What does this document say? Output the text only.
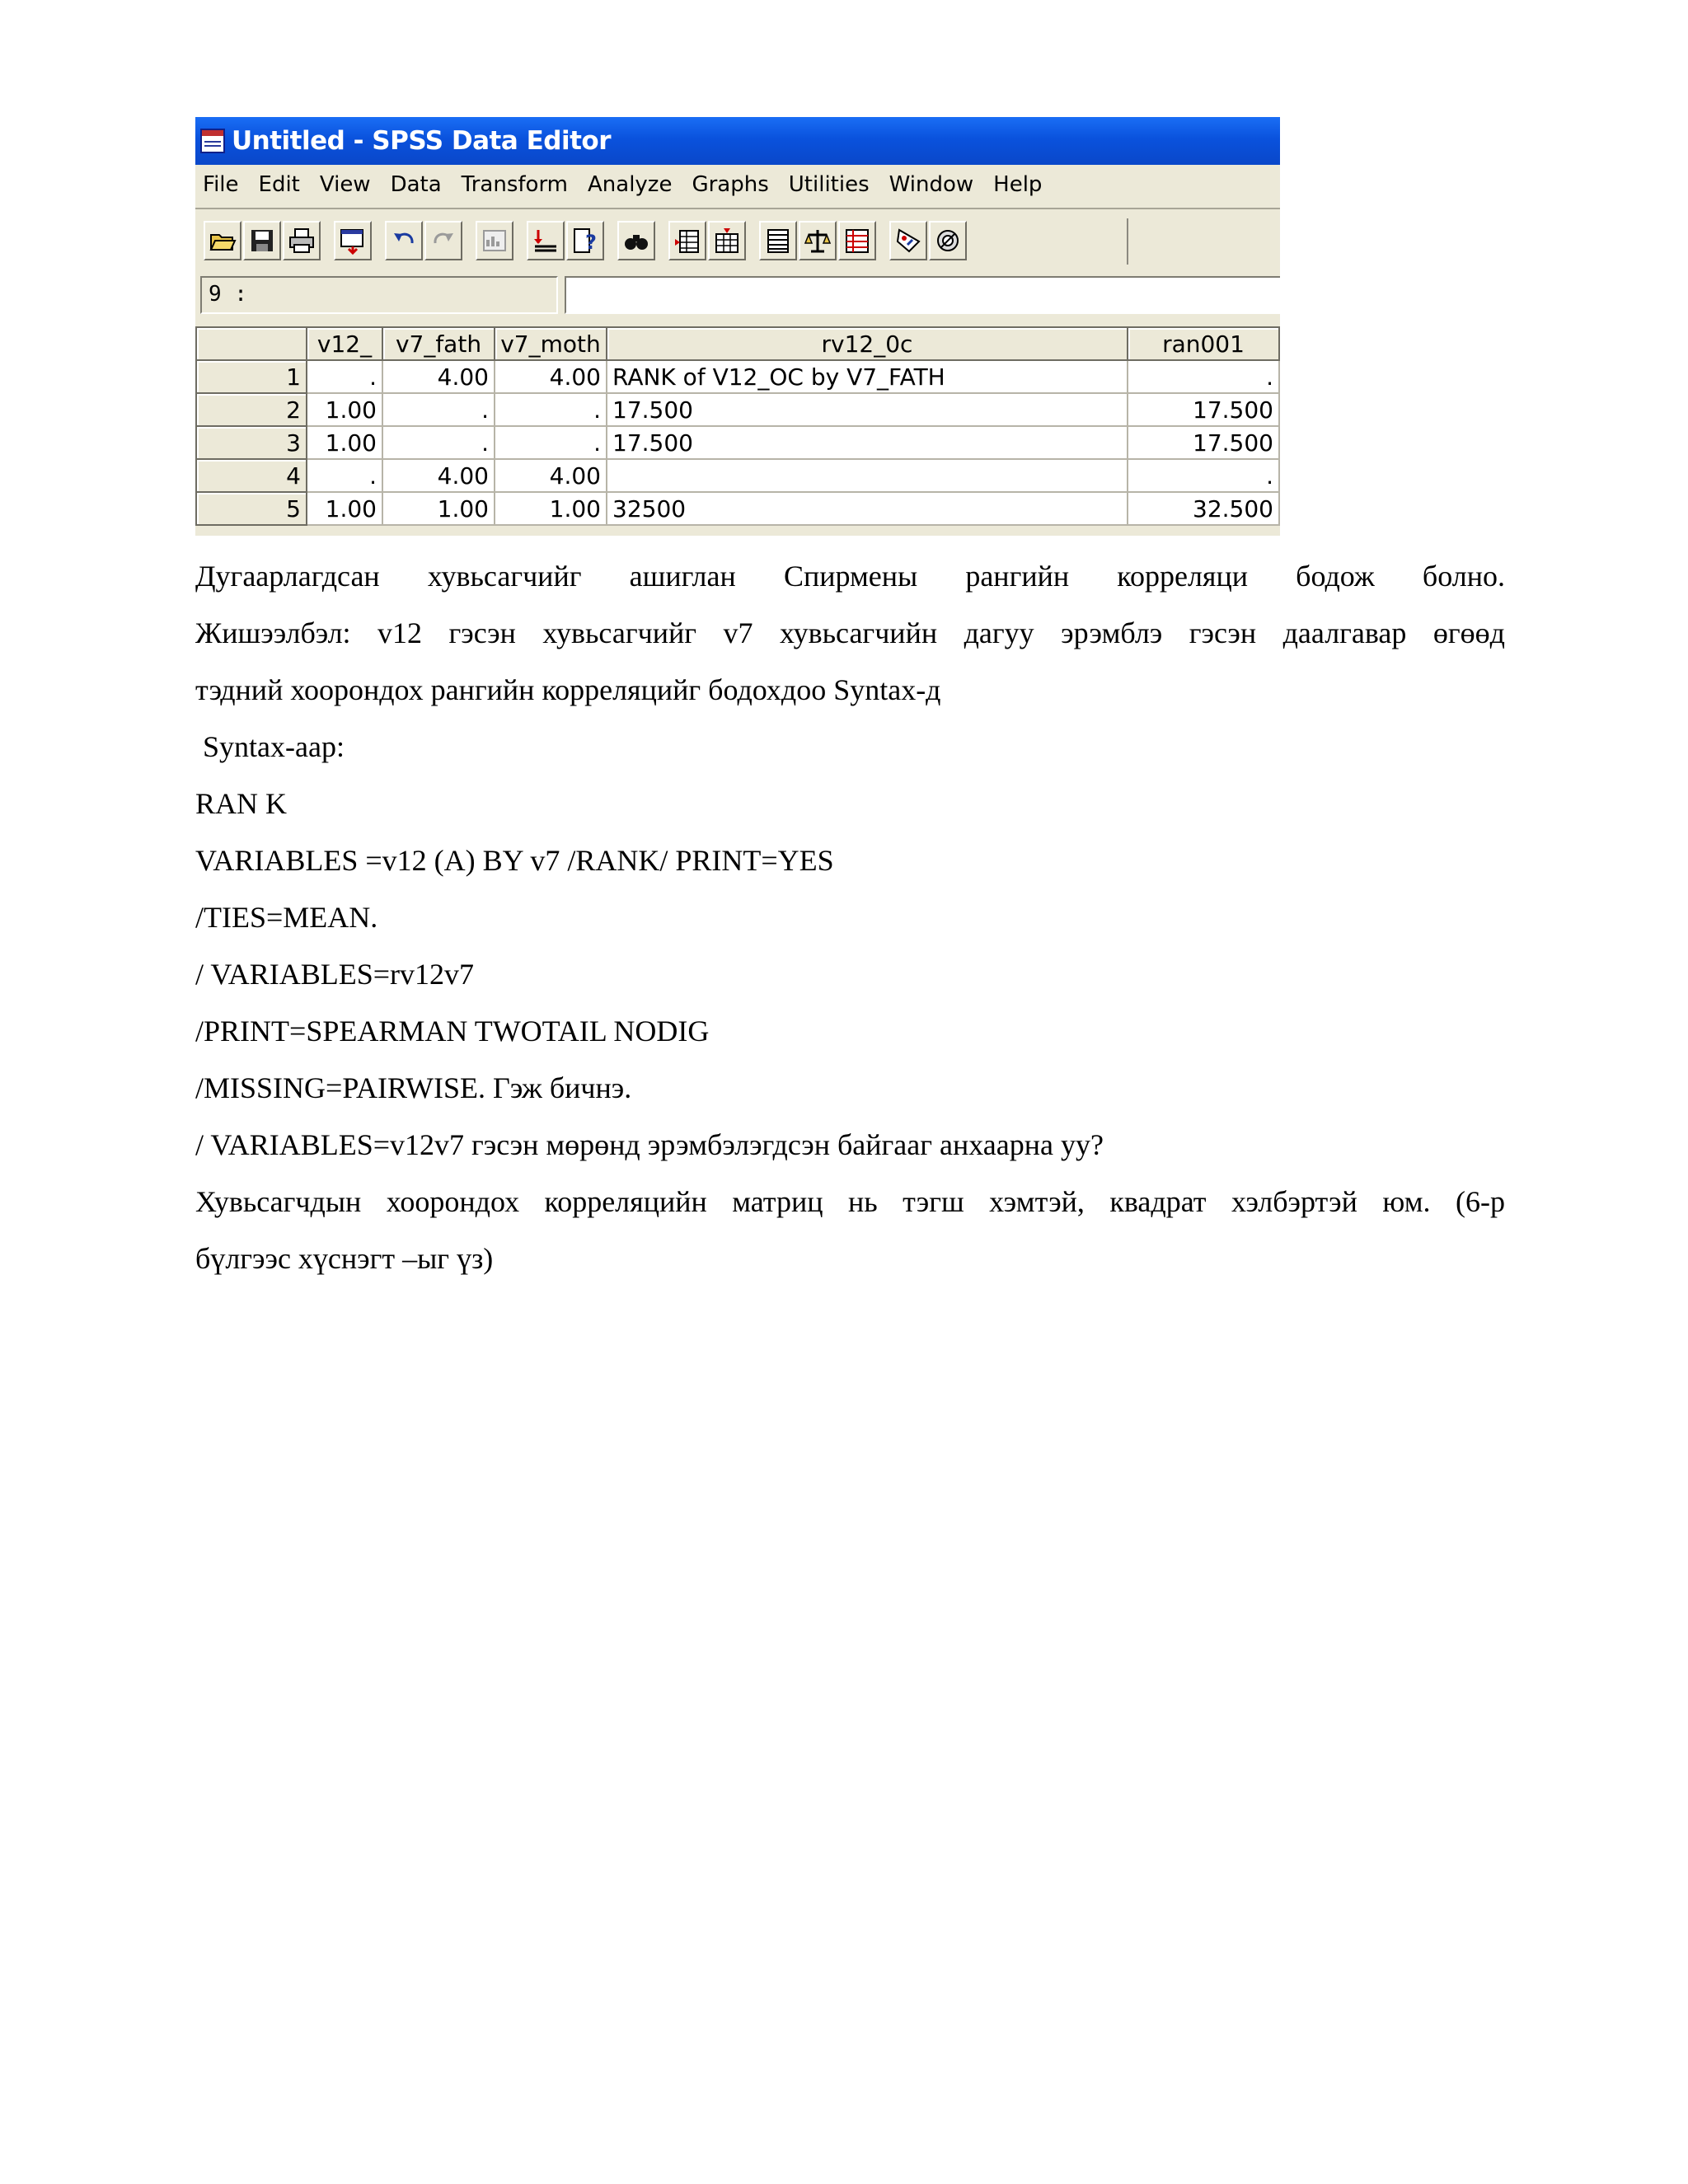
Untitled - SPSS Data Editor
File Edit View Data Transform Analyze Graphs Utilities Window Help
?
9 :
	v12_	v7_fath	v7_moth	rv12_0c	ran001
1	.	4.00	4.00	RANK of V12_OC by V7_FATH	.
2	1.00	.	.	17.500	17.500
3	1.00	.	.	17.500	17.500
4	.	4.00	4.00		.
5	1.00	1.00	1.00	32500	32.500

Дугаарлагдсан хувьсагчийг ашиглан Спирмены рангийн корреляци бодож болно.

Жишээлбэл: v12 гэсэн хувьсагчийг v7 хувьсагчийн дагуу эрэмблэ гэсэн даалгавар өгөөд

тэдний хоорондох рангийн корреляцийг бодохдоо Syntax-д

Syntax-аар:

RAN K

VARIABLES =v12 (A) BY v7 /RANK/ PRINT=YES

/TIES=MEAN.

/ VARIABLES=rv12v7

/PRINT=SPEARMAN TWOTAIL NODIG

/MISSING=PAIRWISE. Гэж бичнэ.

/ VARIABLES=v12v7 гэсэн мөрөнд эрэмбэлэгдсэн байгааг анхаарна уу?

Хувьсагчдын хоорондох корреляцийн матриц нь тэгш хэмтэй, квадрат хэлбэртэй юм. (6-р

бүлгээс хүснэгт –ыг үз)
